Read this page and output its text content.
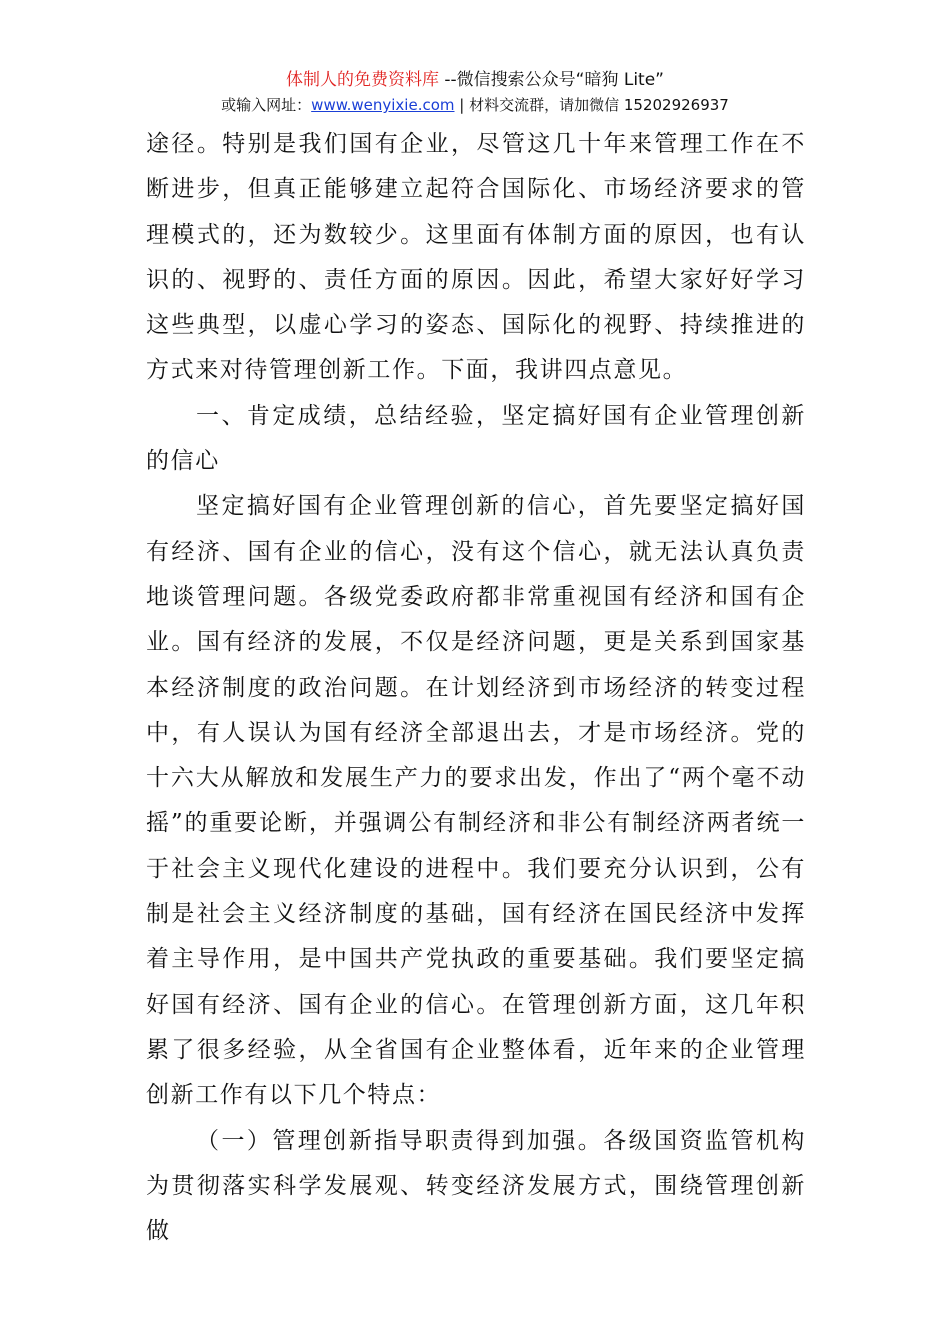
体制人的免费资料库 --微信搜索公众号“暗狗 Lite”
或输入网址：www.wenyixie.com | 材料交流群，请加微信 15202926937

途径。特别是我们国有企业，尽管这几十年来管理工作在不断进步，但真正能够建立起符合国际化、市场经济要求的管理模式的，还为数较少。这里面有体制方面的原因，也有认识的、视野的、责任方面的原因。因此，希望大家好好学习这些典型，以虚心学习的姿态、国际化的视野、持续推进的方式来对待管理创新工作。下面，我讲四点意见。

一、肯定成绩，总结经验，坚定搞好国有企业管理创新的信心

坚定搞好国有企业管理创新的信心，首先要坚定搞好国有经济、国有企业的信心，没有这个信心，就无法认真负责地谈管理问题。各级党委政府都非常重视国有经济和国有企业。国有经济的发展，不仅是经济问题，更是关系到国家基本经济制度的政治问题。在计划经济到市场经济的转变过程中，有人误认为国有经济全部退出去，才是市场经济。党的十六大从解放和发展生产力的要求出发，作出了“两个毫不动摇”的重要论断，并强调公有制经济和非公有制经济两者统一于社会主义现代化建设的进程中。我们要充分认识到，公有制是社会主义经济制度的基础，国有经济在国民经济中发挥着主导作用，是中国共产党执政的重要基础。我们要坚定搞好国有经济、国有企业的信心。在管理创新方面，这几年积累了很多经验，从全省国有企业整体看，近年来的企业管理创新工作有以下几个特点：

（一）管理创新指导职责得到加强。各级国资监管机构为贯彻落实科学发展观、转变经济发展方式，围绕管理创新做
